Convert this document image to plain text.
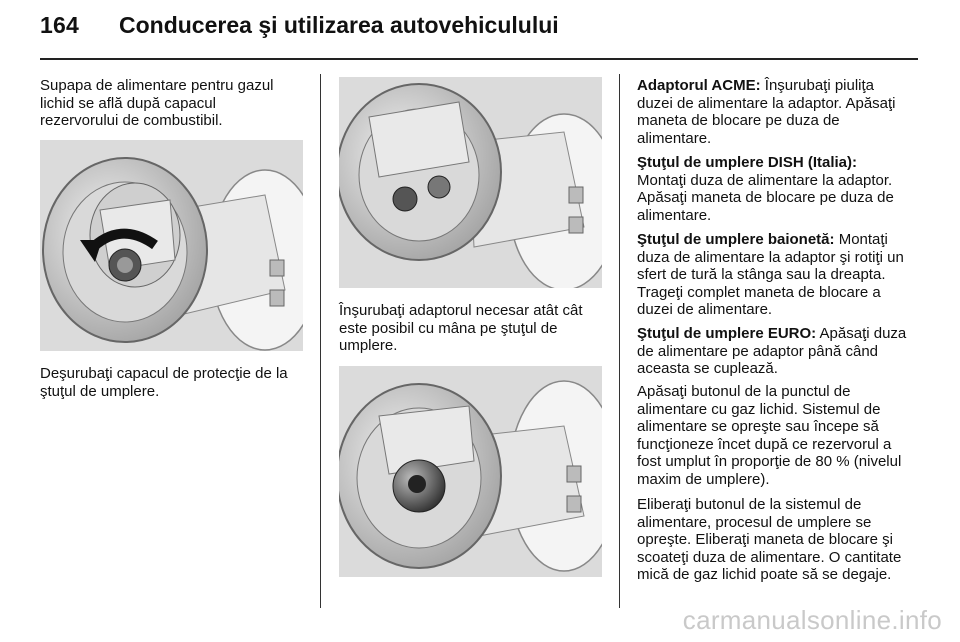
164 Conducerea şi utilizarea autovehiculului

Supapa de alimentare pentru gazul lichid se află după capacul rezervorului de combustibil.

Deşurubaţi capacul de protecţie de la ştuţul de umplere.

Înşurubaţi adaptorul necesar atât cât este posibil cu mâna pe ştuţul de umplere.

Adaptorul ACME: Înşurubaţi piuliţa duzei de alimentare la adaptor. Apăsaţi maneta de blocare pe duza de alimentare.

Ştuţul de umplere DISH (Italia): Montaţi duza de alimentare la adaptor. Apăsaţi maneta de blocare pe duza de alimentare.

Ştuţul de umplere baionetă: Montaţi duza de alimentare la adaptor şi rotiţi un sfert de tură la stânga sau la dreapta. Trageţi complet maneta de blocare a duzei de alimentare.

Ştuţul de umplere EURO: Apăsaţi duza de alimentare pe adaptor până când aceasta se cuplează.

Apăsaţi butonul de la punctul de alimentare cu gaz lichid. Sistemul de alimentare se opreşte sau începe să funcţioneze încet după ce rezervorul a fost umplut în proporţie de 80 % (nivelul maxim de umplere).

Eliberaţi butonul de la sistemul de alimentare, procesul de umplere se opreşte. Eliberaţi maneta de blocare şi scoateţi duza de alimentare. O cantitate mică de gaz lichid poate să se degaje.

carmanualsonline.info
